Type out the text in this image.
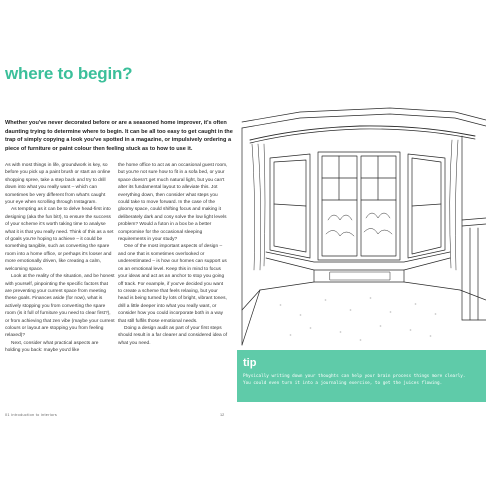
where to begin?
Whether you've never decorated before or are a seasoned home improver, it's often daunting trying to determine where to begin. It can be all too easy to get caught in the trap of simply copying a look you've spotted in a magazine, or impulsively ordering a piece of furniture or paint colour then feeling stuck as to how to use it.

As with most things in life, groundwork is key, so before you pick up a paint brush or start an online shopping spree, take a step back and try to drill down into what you really want – which can sometimes be very different from what's caught your eye when scrolling through Instagram.

As tempting as it can be to delve head-first into designing (aka the fun bit!), to ensure the success of your scheme it's worth taking time to analyse what it is that you really need. Think of this as a set of goals you're hoping to achieve – it could be something tangible, such as converting the spare room into a home office, or perhaps it's looser and more emotionally driven, like creating a calm, welcoming space.

Look at the reality of the situation, and be honest with yourself, pinpointing the specific factors that are preventing your current space from meeting these goals. Finances aside (for now), what is actively stopping you from converting the spare room (is it full of furniture you need to clear first?), or from achieving that zen vibe (maybe your current colours or layout are stopping you from feeling relaxed)?

Next, consider what practical aspects are holding you back: maybe you'd like

the home office to act as an occasional guest room, but you're not sure how to fit in a sofa bed, or your space doesn't get much natural light, but you can't alter its fundamental layout to alleviate this. Jot everything down, then consider what steps you could take to move forward. In the case of the gloomy space, could shifting focus and making it deliberately dark and cosy solve the low light levels problem? Would a futon in a box be a better compromise for the occasional sleeping requirements in your study?

One of the most important aspects of design – and one that is sometimes overlooked or underestimated – is how our homes can support us on an emotional level. Keep this in mind to focus your ideas and act as an anchor to stop you going off track. For example, if you've decided you want to create a scheme that feels relaxing, but your head is being turned by lots of bright, vibrant tones, drill a little deeper into what you really want, or consider how you could incorporate both in a way that still fulfils those emotional needs.

Doing a design audit as part of your first steps should result in a far clearer and considered idea of what you need.

01 introduction to interiors	12
tip
Physically writing down your thoughts can help your brain process things more clearly. You could even turn it into a journaling exercise, to get the juices flowing.
